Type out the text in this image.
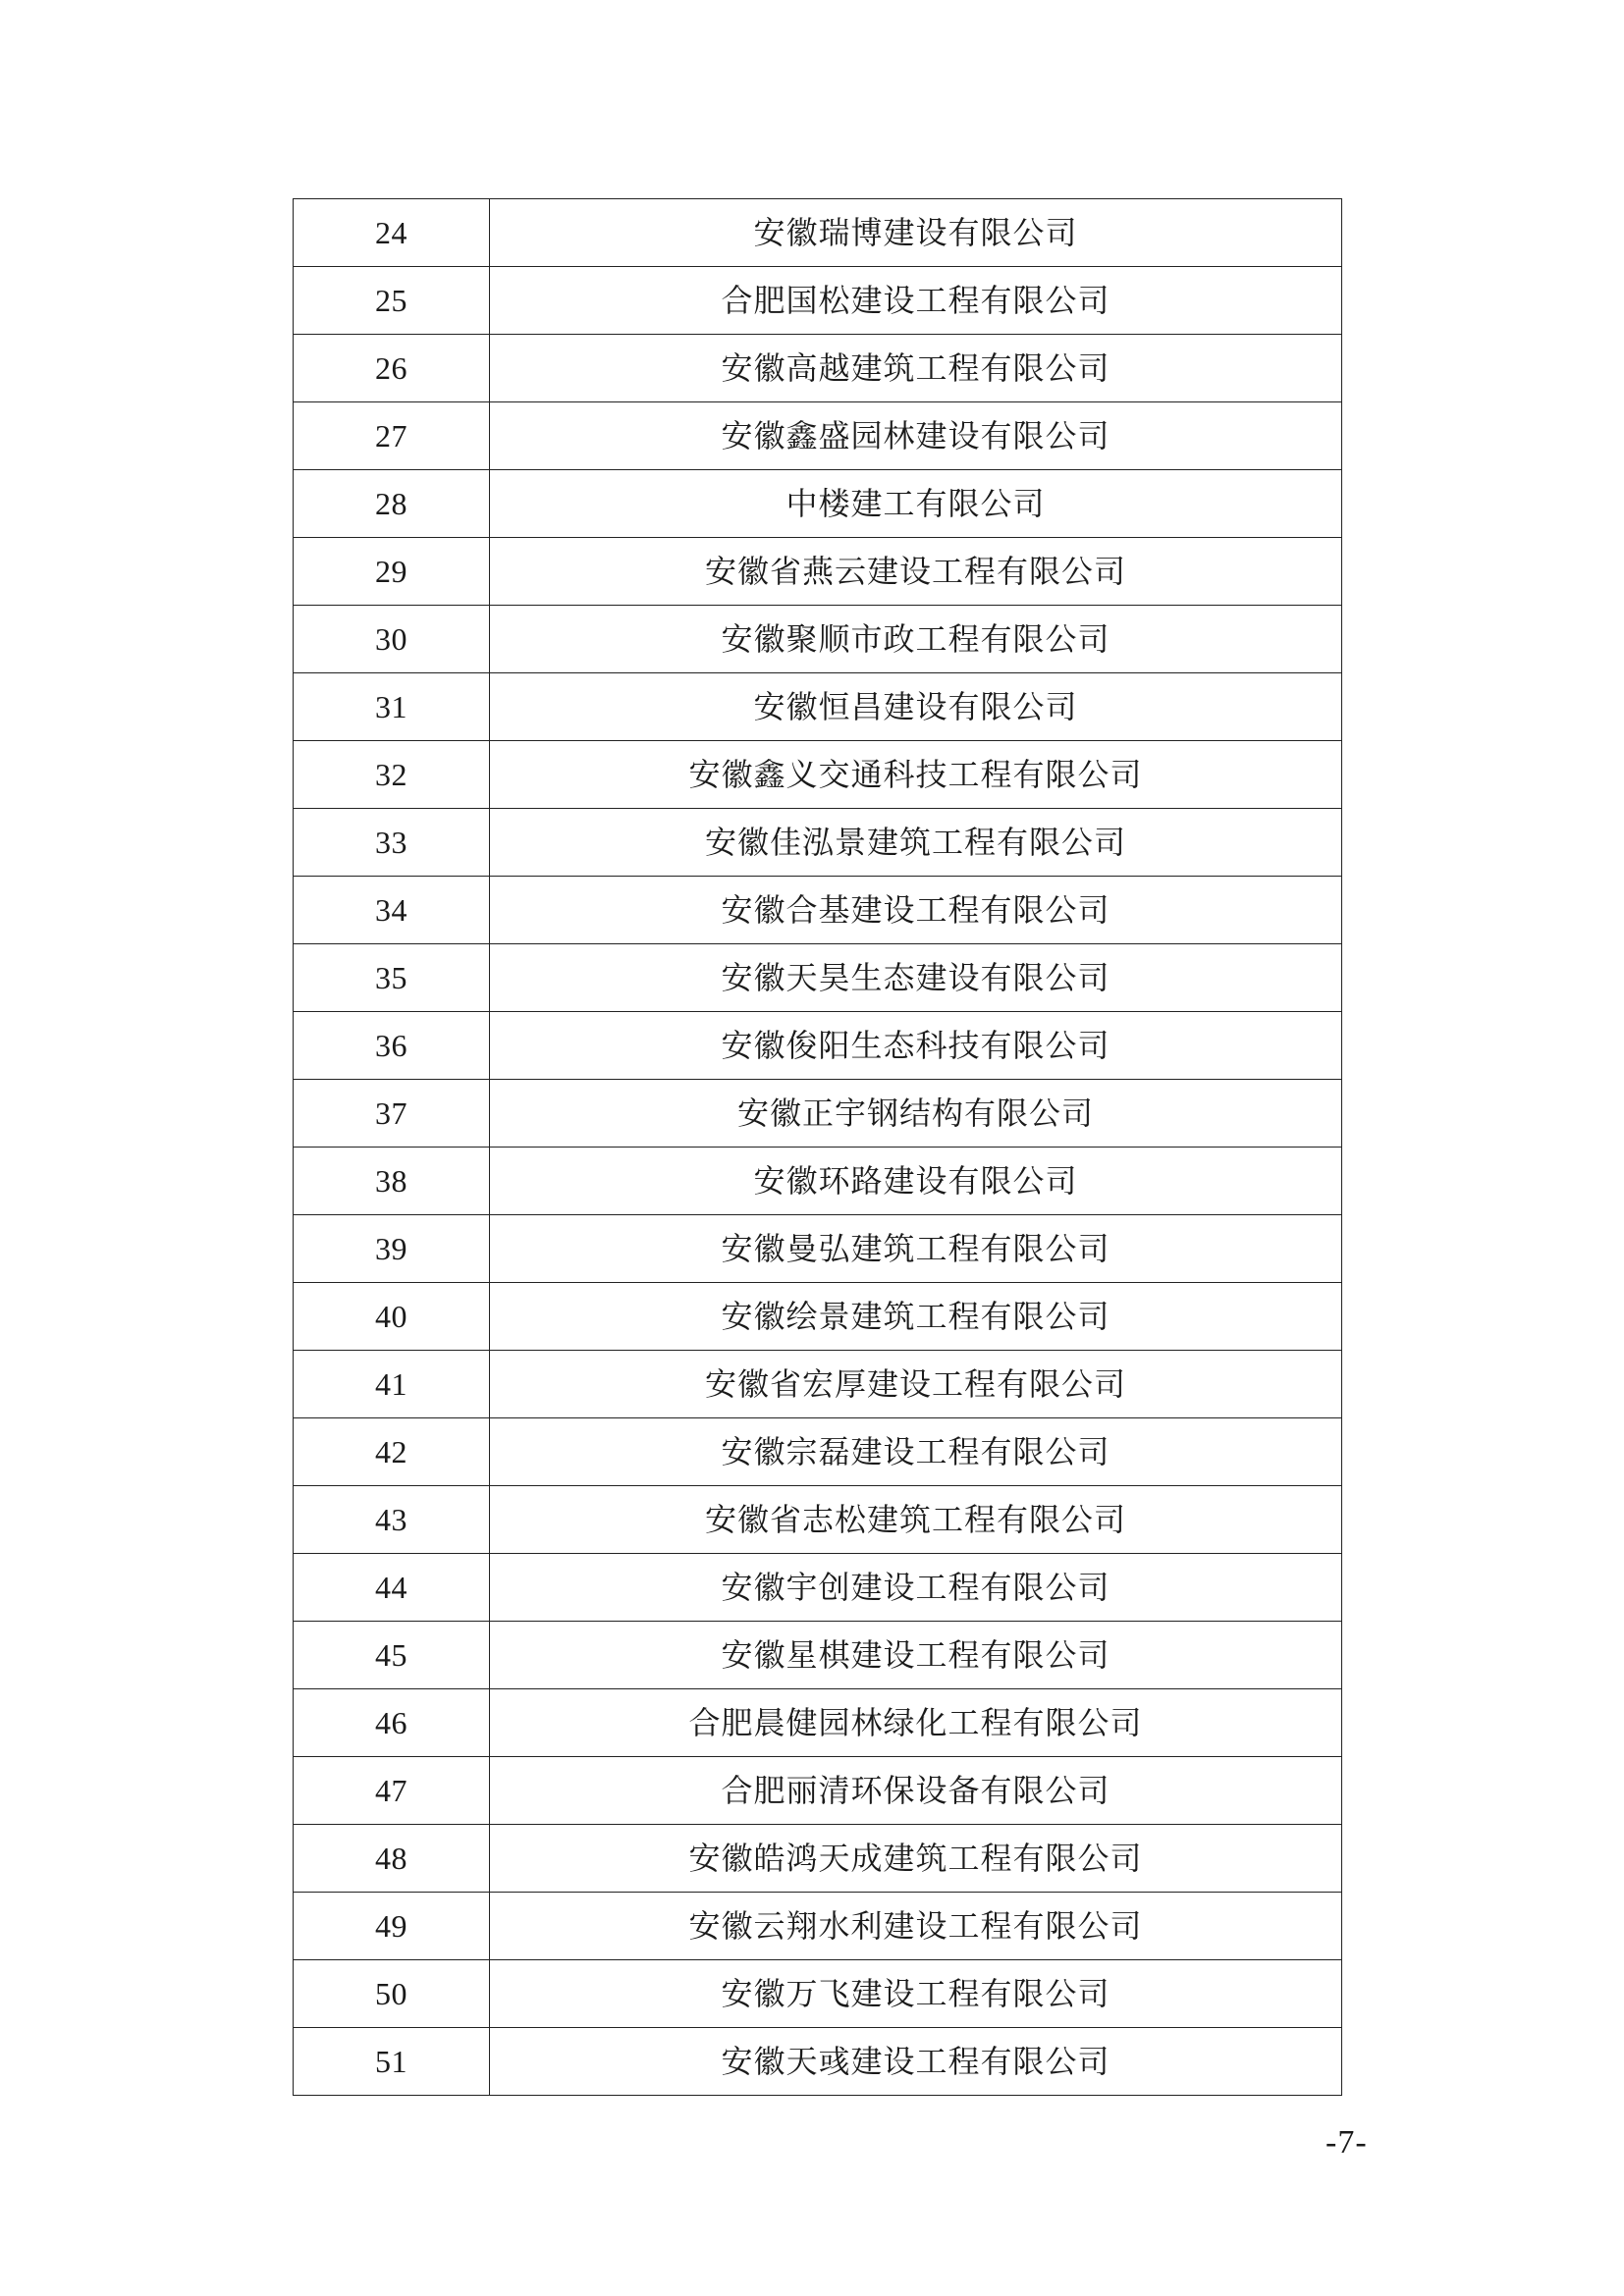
24	安徽瑞博建设有限公司
25	合肥国松建设工程有限公司
26	安徽高越建筑工程有限公司
27	安徽鑫盛园林建设有限公司
28	中楼建工有限公司
29	安徽省燕云建设工程有限公司
30	安徽聚顺市政工程有限公司
31	安徽恒昌建设有限公司
32	安徽鑫义交通科技工程有限公司
33	安徽佳泓景建筑工程有限公司
34	安徽合基建设工程有限公司
35	安徽天昊生态建设有限公司
36	安徽俊阳生态科技有限公司
37	安徽正宇钢结构有限公司
38	安徽环路建设有限公司
39	安徽曼弘建筑工程有限公司
40	安徽绘景建筑工程有限公司
41	安徽省宏厚建设工程有限公司
42	安徽宗磊建设工程有限公司
43	安徽省志松建筑工程有限公司
44	安徽宇创建设工程有限公司
45	安徽星棋建设工程有限公司
46	合肥晨健园林绿化工程有限公司
47	合肥丽清环保设备有限公司
48	安徽皓鸿天成建筑工程有限公司
49	安徽云翔水利建设工程有限公司
50	安徽万飞建设工程有限公司
51	安徽天彧建设工程有限公司
-7-
